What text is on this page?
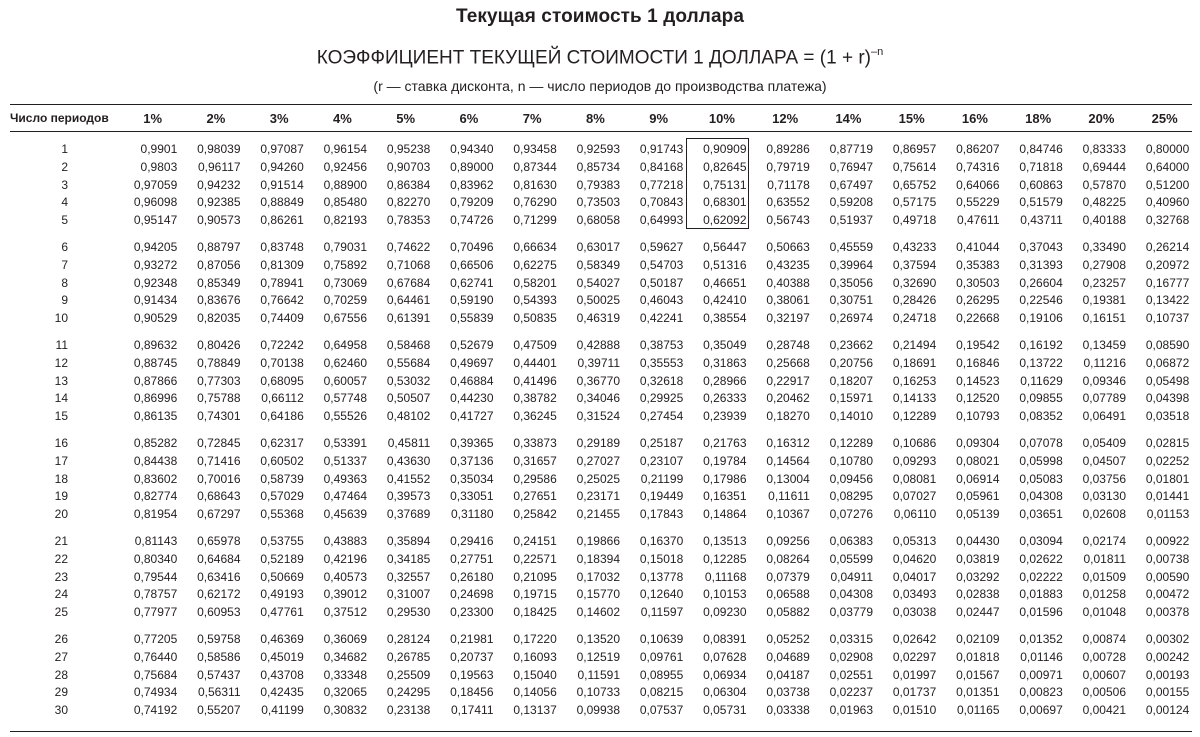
Текущая стоимость 1 доллара
КОЭФФИЦИЕНТ ТЕКУЩЕЙ СТОИМОСТИ 1 ДОЛЛАРА = $(1 + r)^{-n}$
(r — ставка дисконта, n — число периодов до производства платежа)
Число периодов	1%	2%	3%	4%	5%	6%	7%	8%	9%	10%	12%	14%	15%	16%	18%	20%	25%
1	0,9901	0,98039	0,97087	0,96154	0,95238	0,94340	0,93458	0,92593	0,91743	0,90909	0,89286	0,87719	0,86957	0,86207	0,84746	0,83333	0,80000
2	0,9803	0,96117	0,94260	0,92456	0,90703	0,89000	0,87344	0,85734	0,84168	0,82645	0,79719	0,76947	0,75614	0,74316	0,71818	0,69444	0,64000
3	0,97059	0,94232	0,91514	0,88900	0,86384	0,83962	0,81630	0,79383	0,77218	0,75131	0,71178	0,67497	0,65752	0,64066	0,60863	0,57870	0,51200
4	0,96098	0,92385	0,88849	0,85480	0,82270	0,79209	0,76290	0,73503	0,70843	0,68301	0,63552	0,59208	0,57175	0,55229	0,51579	0,48225	0,40960
5	0,95147	0,90573	0,86261	0,82193	0,78353	0,74726	0,71299	0,68058	0,64993	0,62092	0,56743	0,51937	0,49718	0,47611	0,43711	0,40188	0,32768

6	0,94205	0,88797	0,83748	0,79031	0,74622	0,70496	0,66634	0,63017	0,59627	0,56447	0,50663	0,45559	0,43233	0,41044	0,37043	0,33490	0,26214
7	0,93272	0,87056	0,81309	0,75892	0,71068	0,66506	0,62275	0,58349	0,54703	0,51316	0,43235	0,39964	0,37594	0,35383	0,31393	0,27908	0,20972
8	0,92348	0,85349	0,78941	0,73069	0,67684	0,62741	0,58201	0,54027	0,50187	0,46651	0,40388	0,35056	0,32690	0,30503	0,26604	0,23257	0,16777
9	0,91434	0,83676	0,76642	0,70259	0,64461	0,59190	0,54393	0,50025	0,46043	0,42410	0,38061	0,30751	0,28426	0,26295	0,22546	0,19381	0,13422
10	0,90529	0,82035	0,74409	0,67556	0,61391	0,55839	0,50835	0,46319	0,42241	0,38554	0,32197	0,26974	0,24718	0,22668	0,19106	0,16151	0,10737

11	0,89632	0,80426	0,72242	0,64958	0,58468	0,52679	0,47509	0,42888	0,38753	0,35049	0,28748	0,23662	0,21494	0,19542	0,16192	0,13459	0,08590
12	0,88745	0,78849	0,70138	0,62460	0,55684	0,49697	0,44401	0,39711	0,35553	0,31863	0,25668	0,20756	0,18691	0,16846	0,13722	0,11216	0,06872
13	0,87866	0,77303	0,68095	0,60057	0,53032	0,46884	0,41496	0,36770	0,32618	0,28966	0,22917	0,18207	0,16253	0,14523	0,11629	0,09346	0,05498
14	0,86996	0,75788	0,66112	0,57748	0,50507	0,44230	0,38782	0,34046	0,29925	0,26333	0,20462	0,15971	0,14133	0,12520	0,09855	0,07789	0,04398
15	0,86135	0,74301	0,64186	0,55526	0,48102	0,41727	0,36245	0,31524	0,27454	0,23939	0,18270	0,14010	0,12289	0,10793	0,08352	0,06491	0,03518

16	0,85282	0,72845	0,62317	0,53391	0,45811	0,39365	0,33873	0,29189	0,25187	0,21763	0,16312	0,12289	0,10686	0,09304	0,07078	0,05409	0,02815
17	0,84438	0,71416	0,60502	0,51337	0,43630	0,37136	0,31657	0,27027	0,23107	0,19784	0,14564	0,10780	0,09293	0,08021	0,05998	0,04507	0,02252
18	0,83602	0,70016	0,58739	0,49363	0,41552	0,35034	0,29586	0,25025	0,21199	0,17986	0,13004	0,09456	0,08081	0,06914	0,05083	0,03756	0,01801
19	0,82774	0,68643	0,57029	0,47464	0,39573	0,33051	0,27651	0,23171	0,19449	0,16351	0,11611	0,08295	0,07027	0,05961	0,04308	0,03130	0,01441
20	0,81954	0,67297	0,55368	0,45639	0,37689	0,31180	0,25842	0,21455	0,17843	0,14864	0,10367	0,07276	0,06110	0,05139	0,03651	0,02608	0,01153

21	0,81143	0,65978	0,53755	0,43883	0,35894	0,29416	0,24151	0,19866	0,16370	0,13513	0,09256	0,06383	0,05313	0,04430	0,03094	0,02174	0,00922
22	0,80340	0,64684	0,52189	0,42196	0,34185	0,27751	0,22571	0,18394	0,15018	0,12285	0,08264	0,05599	0,04620	0,03819	0,02622	0,01811	0,00738
23	0,79544	0,63416	0,50669	0,40573	0,32557	0,26180	0,21095	0,17032	0,13778	0,11168	0,07379	0,04911	0,04017	0,03292	0,02222	0,01509	0,00590
24	0,78757	0,62172	0,49193	0,39012	0,31007	0,24698	0,19715	0,15770	0,12640	0,10153	0,06588	0,04308	0,03493	0,02838	0,01883	0,01258	0,00472
25	0,77977	0,60953	0,47761	0,37512	0,29530	0,23300	0,18425	0,14602	0,11597	0,09230	0,05882	0,03779	0,03038	0,02447	0,01596	0,01048	0,00378

26	0,77205	0,59758	0,46369	0,36069	0,28124	0,21981	0,17220	0,13520	0,10639	0,08391	0,05252	0,03315	0,02642	0,02109	0,01352	0,00874	0,00302
27	0,76440	0,58586	0,45019	0,34682	0,26785	0,20737	0,16093	0,12519	0,09761	0,07628	0,04689	0,02908	0,02297	0,01818	0,01146	0,00728	0,00242
28	0,75684	0,57437	0,43708	0,33348	0,25509	0,19563	0,15040	0,11591	0,08955	0,06934	0,04187	0,02551	0,01997	0,01567	0,00971	0,00607	0,00193
29	0,74934	0,56311	0,42435	0,32065	0,24295	0,18456	0,14056	0,10733	0,08215	0,06304	0,03738	0,02237	0,01737	0,01351	0,00823	0,00506	0,00155
30	0,74192	0,55207	0,41199	0,30832	0,23138	0,17411	0,13137	0,09938	0,07537	0,05731	0,03338	0,01963	0,01510	0,01165	0,00697	0,00421	0,00124
